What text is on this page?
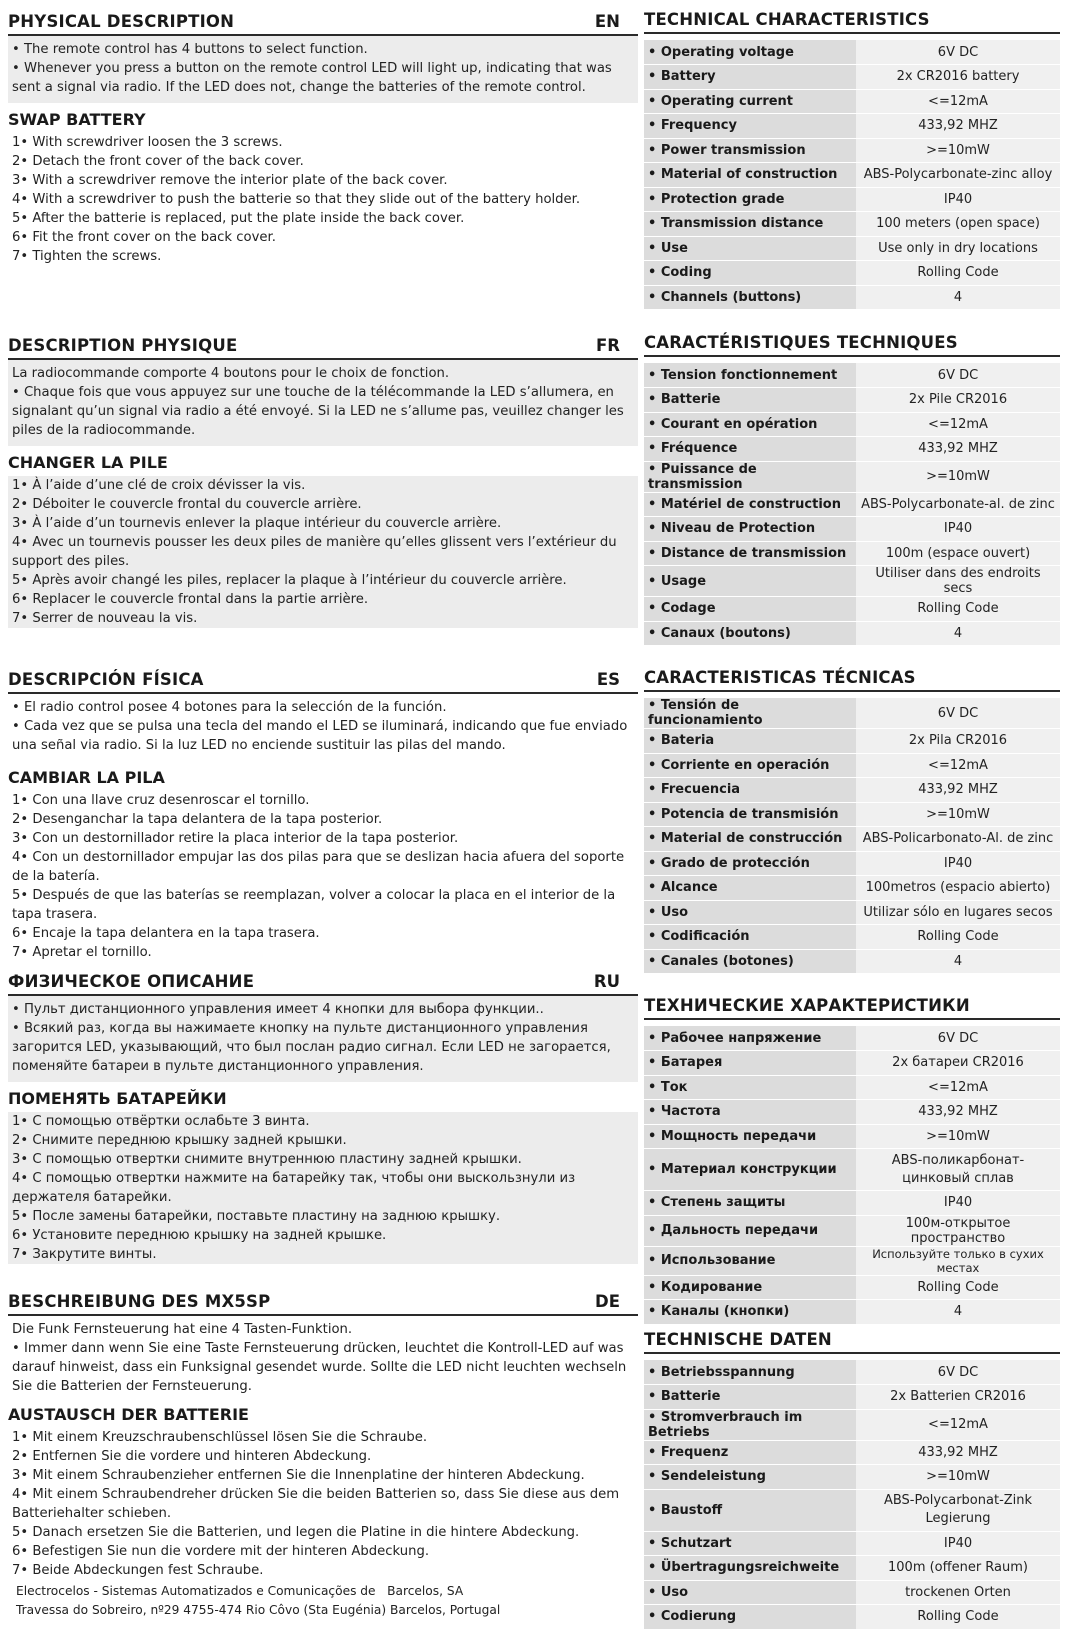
PHYSICAL DESCRIPTION	EN

• The remote control has 4 buttons to select function.

• Whenever you press a button on the remote control LED will light up, indicating that was sent a signal via radio. If the LED does not, change the batteries of the remote control.

SWAP BATTERY

1• With screwdriver loosen the 3 screws.

2• Detach the front cover of the back cover.

3• With a screwdriver remove the interior plate of the back cover.

4• With a screwdriver to push the batterie so that they slide out of the battery holder.

5• After the batterie is replaced, put the plate inside the back cover.

6• Fit the front cover on the back cover.

7• Tighten the screws.

TECHNICAL CHARACTERISTICS
• Operating voltage	6V DC
• Battery	2x CR2016 battery
• Operating current	<=12mA
• Frequency	433,92 MHZ
• Power transmission	>=10mW
• Material of construction	ABS-Polycarbonate-zinc alloy
• Protection grade	IP40
• Transmission distance	100 meters (open space)
• Use	Use only in dry locations
• Coding	Rolling Code
• Channels (buttons)	4
DESCRIPTION PHYSIQUE	FR

La radiocommande comporte 4 boutons pour le choix de fonction.

• Chaque fois que vous appuyez sur une touche de la télécommande la LED s’allumera, en signalant qu’un signal via radio a été envoyé. Si la LED ne s’allume pas, veuillez changer les piles de la radiocommande.

CHANGER LA PILE

1• À l’aide d’une clé de croix dévisser la vis.

2• Déboiter le couvercle frontal du couvercle arrière.

3• À l’aide d’un tournevis enlever la plaque intérieur du couvercle arrière.

4• Avec un tournevis pousser les deux piles de manière qu’elles glissent vers l’extérieur du support des piles.

5• Après avoir changé les piles, replacer la plaque à l’intérieur du couvercle arrière.

6• Replacer le couvercle frontal dans la partie arrière.

7• Serrer de nouveau la vis.

CARACTÉRISTIQUES TECHNIQUES
• Tension fonctionnement	6V DC
• Batterie	2x Pile CR2016
• Courant en opération	<=12mA
• Fréquence	433,92 MHZ
• Puissance de transmission	>=10mW
• Matériel de construction	ABS-Polycarbonate-al. de zinc
• Niveau de Protection	IP40
• Distance de transmission	100m (espace ouvert)
• Usage	Utiliser dans des endroits secs
• Codage	Rolling Code
• Canaux (boutons)	4
DESCRIPCIÓN FÍSICA	ES

• El radio control posee 4 botones para la selección de la función.

• Cada vez que se pulsa una tecla del mando el LED se iluminará, indicando que fue enviado una señal via radio. Si la luz LED no enciende sustituir las pilas del mando.

CAMBIAR LA PILA

1• Con una llave cruz desenroscar el tornillo.

2• Desenganchar la tapa delantera de la tapa posterior.

3• Con un destornillador retire la placa interior de la tapa posterior.

4• Con un destornillador empujar las dos pilas para que se deslizan hacia afuera del soporte de la batería.

5• Después de que las baterías se reemplazan, volver a colocar la placa en el interior de la tapa trasera.

6• Encaje la tapa delantera en la tapa trasera.

7• Apretar el tornillo.

CARACTERISTICAS TÉCNICAS
• Tensión de funcionamiento	6V DC
• Bateria	2x Pila CR2016
• Corriente en operación	<=12mA
• Frecuencia	433,92 MHZ
• Potencia de transmisión	>=10mW
• Material de construcción	ABS-Policarbonato-Al. de zinc
• Grado de protección	IP40
• Alcance	100metros (espacio abierto)
• Uso	Utilizar sólo en lugares secos
• Codificación	Rolling Code
• Canales (botones)	4
ФИЗИЧЕСКОЕ ОПИСАНИЕ	RU

• Пульт дистанционного управления имеет 4 кнопки для выбора функции..

• Всякий раз, когда вы нажимаете кнопку на пульте дистанционного управления загорится LED, указывающий, что был послан радио сигнал. Если LED не загорается, поменяйте батареи в пульте дистанционного управления.

ПОМЕНЯТЬ БАТАРЕЙКИ

1• С помощью отвёртки ослабьте 3 винта.

2• Снимите переднюю крышку задней крышки.

3• С помощью отвертки снимите внутреннюю пластину задней крышки.

4• С помощью отвертки нажмите на батарейку так, чтобы они выскользнули из держателя батарейки.

5• После замены батарейки, поставьте пластину на заднюю крышку.

6• Установите переднюю крышку на задней крышке.

7• Закрутите винты.

ТЕХНИЧЕСКИЕ ХАРАКТЕРИСТИКИ
• Рабочее напряжение	6V DC
• Батарея	2x батареи CR2016
• Ток	<=12mA
• Частота	433,92 MHZ
• Мощность передачи	>=10mW
• Материал конструкции	ABS-поликарбонат-цинковый сплав
• Степень защиты	IP40
• Дальность передачи	100м-открытое пространство
• Использование	Используйте только в сухих местах
• Кодирование	Rolling Code
• Каналы (кнопки)	4
BESCHREIBUNG DES MX5SP	DE

Die Funk Fernsteuerung hat eine 4 Tasten-Funktion.

• Immer dann wenn Sie eine Taste Fernsteuerung drücken, leuchtet die Kontroll-LED auf was darauf hinweist, dass ein Funksignal gesendet wurde. Sollte die LED nicht leuchten wechseln Sie die Batterien der Fernsteuerung.

AUSTAUSCH DER BATTERIE

1• Mit einem Kreuzschraubenschlüssel lösen Sie die Schraube.

2• Entfernen Sie die vordere und hinteren Abdeckung.

3• Mit einem Schraubenzieher entfernen Sie die Innenplatine der hinteren Abdeckung.

4• Mit einem Schraubendreher drücken Sie die beiden Batterien so, dass Sie diese aus dem Batteriehalter schieben.

5• Danach ersetzen Sie die Batterien, und legen die Platine in die hintere Abdeckung.

6• Befestigen Sie nun die vordere mit der hinteren Abdeckung.

7• Beide Abdeckungen fest Schraube.

TECHNISCHE DATEN
• Betriebsspannung	6V DC
• Batterie	2x Batterien CR2016
• Stromverbrauch im Betriebs	<=12mA
• Frequenz	433,92 MHZ
• Sendeleistung	>=10mW
• Baustoff	ABS-Polycarbonat-Zink Legierung
• Schutzart	IP40
• Übertragungsreichweite	100m (offener Raum)
• Uso	trockenen Orten
• Codierung	Rolling Code

Electrocelos - Sistemas Automatizados e Comunicações de   Barcelos, SA

Travessa do Sobreiro, nº29 4755-474 Rio Côvo (Sta Eugénia) Barcelos, Portugal
